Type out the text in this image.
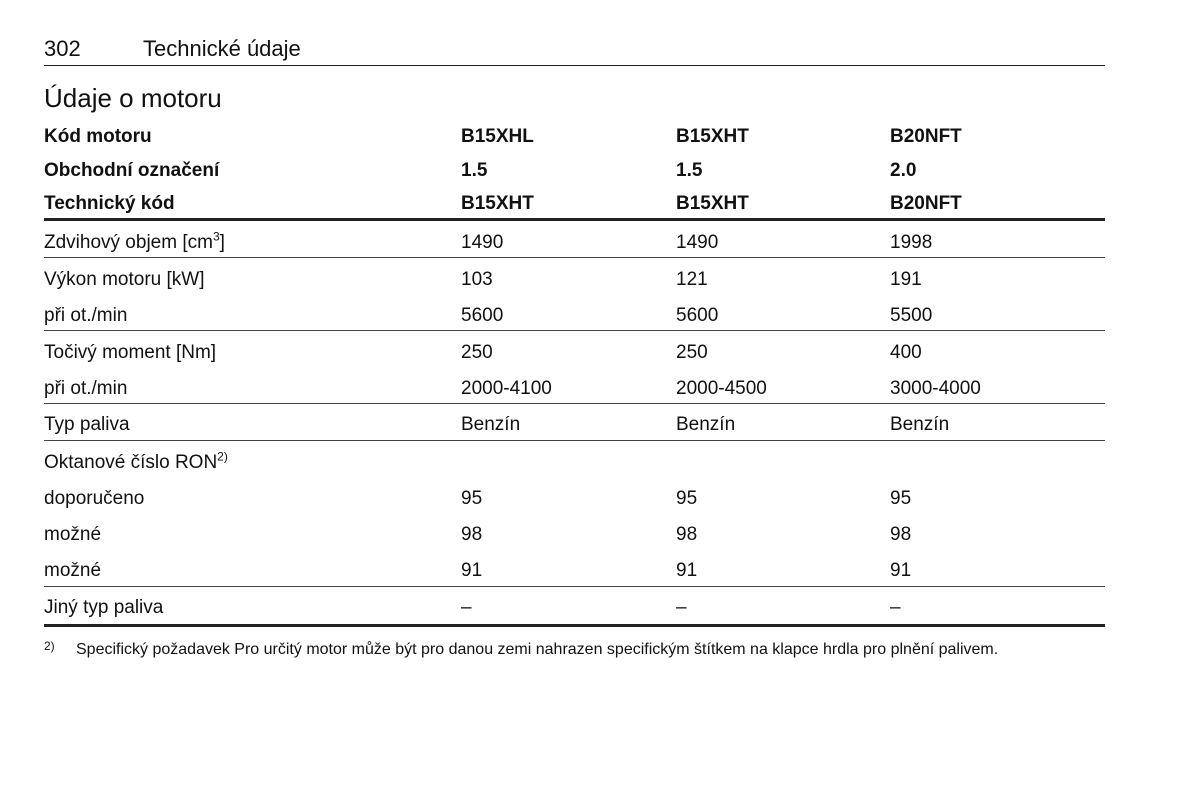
302	Technické údaje
Údaje o motoru
Kód motoru	B15XHL	B15XHT	B20NFT
Obchodní označení	1.5	1.5	2.0
Technický kód	B15XHT	B15XHT	B20NFT
Zdvihový objem $[cm^3]$	1490	1490	1998
Výkon motoru [kW]	103	121	191
při ot./min	5600	5600	5500
Točivý moment [Nm]	250	250	400
při ot./min	2000-4100	2000-4500	3000-4000
Typ paliva	Benzín	Benzín	Benzín
Oktanové číslo RON$^{2)}$
doporučeno	95	95	95
možné	98	98	98
možné	91	91	91
Jiný typ paliva	–	–	–
2) Specifický požadavek Pro určitý motor může být pro danou zemi nahrazen specifickým štítkem na klapce hrdla pro plnění palivem.
